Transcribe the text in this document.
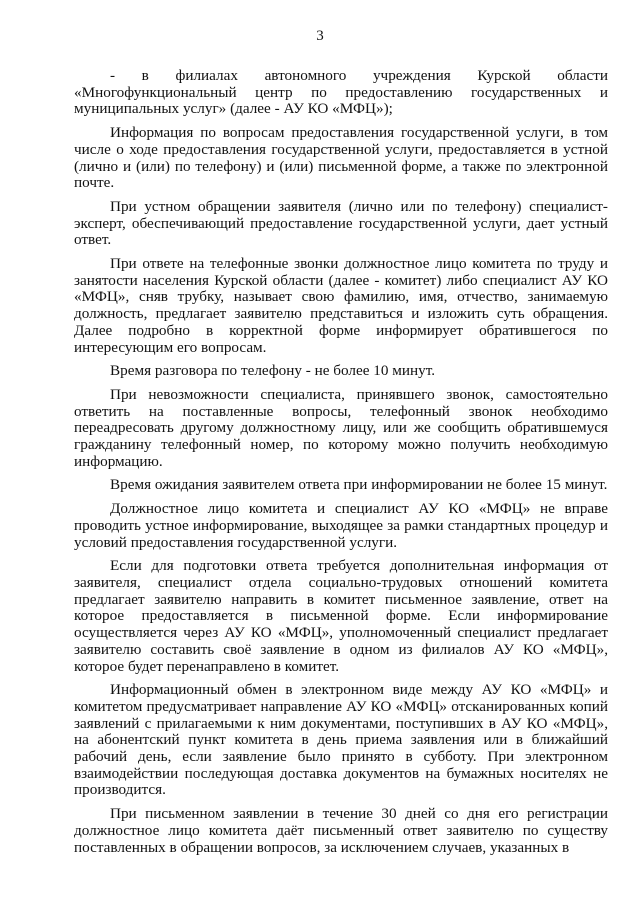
3

- в филиалах автономного учреждения Курской области «Многофункциональный центр по предоставлению государственных и муниципальных услуг» (далее - АУ КО «МФЦ»);

Информация по вопросам предоставления государственной услуги, в том числе о ходе предоставления государственной услуги, предоставляется в устной (лично и (или) по телефону) и (или) письменной форме, а также по электронной почте.

При устном обращении заявителя (лично или по телефону) специалист-эксперт, обеспечивающий предоставление государственной услуги, дает устный ответ.

При ответе на телефонные звонки должностное лицо комитета по труду и занятости населения Курской области (далее - комитет) либо специалист АУ КО «МФЦ», сняв трубку, называет свою фамилию, имя, отчество, занимаемую должность, предлагает заявителю представиться и изложить суть обращения. Далее подробно в корректной форме информирует обратившегося по интересующим его вопросам.

Время разговора по телефону - не более 10 минут.

При невозможности специалиста, принявшего звонок, самостоятельно ответить на поставленные вопросы, телефонный звонок необходимо переадресовать другому должностному лицу, или же сообщить обратившемуся гражданину телефонный номер, по которому можно получить необходимую информацию.

Время ожидания заявителем ответа при информировании не более 15 минут.

Должностное лицо комитета и специалист АУ КО «МФЦ» не вправе проводить устное информирование, выходящее за рамки стандартных процедур и условий предоставления государственной услуги.

Если для подготовки ответа требуется дополнительная информация от заявителя, специалист отдела социально-трудовых отношений комитета предлагает заявителю направить в комитет письменное заявление, ответ на которое предоставляется в письменной форме. Если информирование осуществляется через АУ КО «МФЦ», уполномоченный специалист предлагает заявителю составить своё заявление в одном из филиалов АУ КО «МФЦ», которое будет перенаправлено в комитет.

Информационный обмен в электронном виде между АУ КО «МФЦ» и комитетом предусматривает направление АУ КО «МФЦ» отсканированных копий заявлений с прилагаемыми к ним документами, поступивших в АУ КО «МФЦ», на абонентский пункт комитета в день приема заявления или в ближайший рабочий день, если заявление было принято в субботу. При электронном взаимодействии последующая доставка документов на бумажных носителях не производится.

При письменном заявлении в течение 30 дней со дня его регистрации должностное лицо комитета даёт письменный ответ заявителю по существу поставленных в обращении вопросов, за исключением случаев, указанных в
